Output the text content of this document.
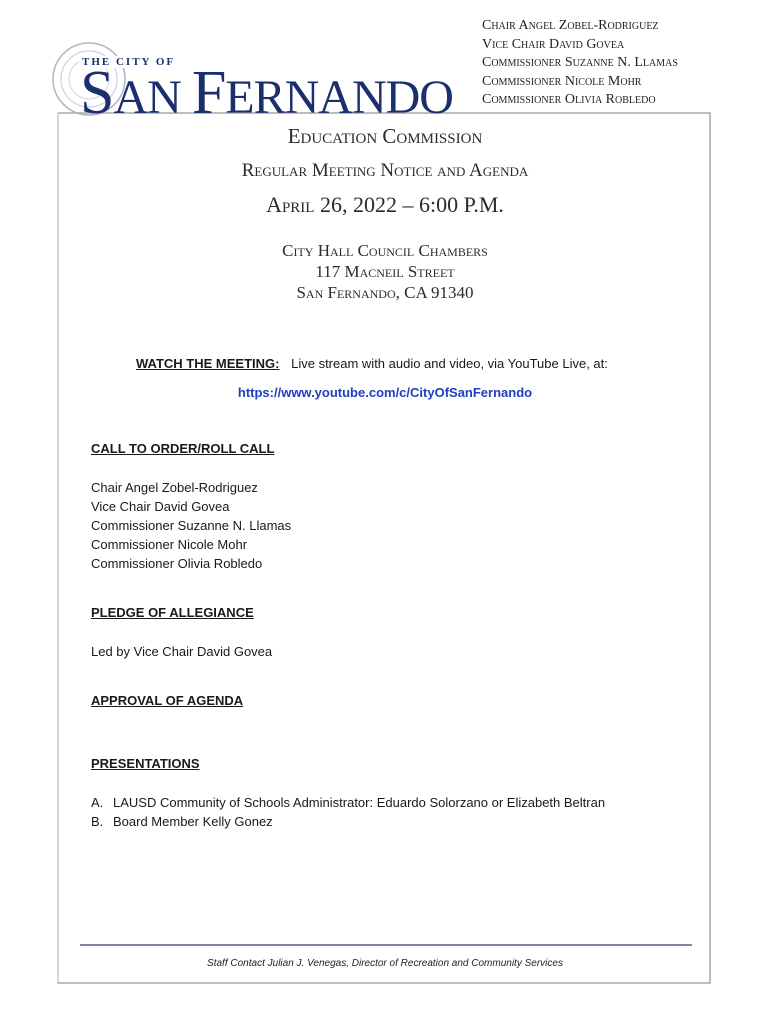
THE CITY OF
SAN FERNANDO
Chair Angel Zobel-Rodriguez
Vice Chair David Govea
Commissioner Suzanne N. Llamas
Commissioner Nicole Mohr
Commissioner Olivia Robledo
Education Commission
Regular Meeting Notice and Agenda
April 26, 2022 – 6:00 P.M.
City Hall Council Chambers
117 Macneil Street
San Fernando, CA 91340
WATCH THE MEETING: Live stream with audio and video, via YouTube Live, at:
https://www.youtube.com/c/CityOfSanFernando
CALL TO ORDER/ROLL CALL
Chair Angel Zobel-Rodriguez
Vice Chair David Govea
Commissioner Suzanne N. Llamas
Commissioner Nicole Mohr
Commissioner Olivia Robledo
PLEDGE OF ALLEGIANCE
Led by Vice Chair David Govea
APPROVAL OF AGENDA
PRESENTATIONS
A. LAUSD Community of Schools Administrator: Eduardo Solorzano or Elizabeth Beltran
B. Board Member Kelly Gonez
Staff Contact Julian J. Venegas, Director of Recreation and Community Services
